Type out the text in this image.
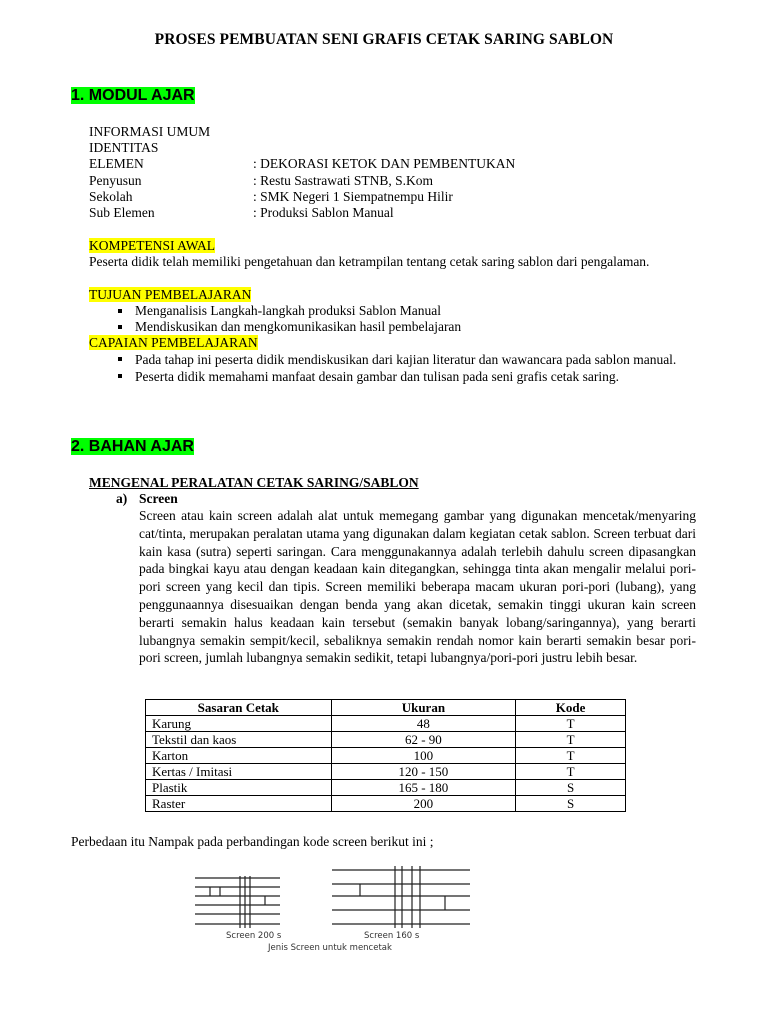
PROSES PEMBUATAN SENI GRAFIS CETAK SARING SABLON
1. MODUL AJAR
INFORMASI UMUM
IDENTITAS
ELEMEN	: DEKORASI KETOK DAN PEMBENTUKAN
Penyusun	: Restu Sastrawati STNB, S.Kom
Sekolah	: SMK Negeri 1 Siempatnempu Hilir
Sub Elemen	: Produksi Sablon Manual
KOMPETENSI AWAL
Peserta didik telah memiliki pengetahuan dan ketrampilan tentang cetak saring sablon dari pengalaman.
TUJUAN PEMBELAJARAN
Menganalisis Langkah-langkah produksi Sablon Manual
Mendiskusikan dan mengkomunikasikan hasil pembelajaran
CAPAIAN PEMBELAJARAN
Pada tahap ini peserta didik mendiskusikan dari kajian literatur dan wawancara pada sablon manual.
Peserta didik memahami manfaat desain gambar dan tulisan pada seni grafis cetak saring.
2. BAHAN AJAR
MENGENAL PERALATAN CETAK SARING/SABLON
a) Screen
Screen atau kain screen adalah alat untuk memegang gambar yang digunakan mencetak/menyaring cat/tinta, merupakan peralatan utama yang digunakan dalam kegiatan cetak sablon. Screen terbuat dari kain kasa (sutra) seperti saringan. Cara menggunakannya adalah terlebih dahulu screen dipasangkan pada bingkai kayu atau dengan keadaan kain ditegangkan, sehingga tinta akan mengalir melalui pori-pori screen yang kecil dan tipis. Screen memiliki beberapa macam ukuran pori-pori (lubang), yang penggunaannya disesuaikan dengan benda yang akan dicetak, semakin tinggi ukuran kain screen berarti semakin halus keadaan kain tersebut (semakin banyak lobang/saringannya), yang berarti lubangnya semakin sempit/kecil, sebaliknya semakin rendah nomor kain berarti semakin besar pori-pori screen, jumlah lubangnya semakin sedikit, tetapi lubangnya/pori-pori justru lebih besar.
Sasaran Cetak	Ukuran	Kode
Karung	48	T
Tekstil dan kaos	62 - 90	T
Karton	100	T
Kertas / Imitasi	120 - 150	T
Plastik	165 - 180	S
Raster	200	S
Perbedaan itu Nampak pada perbandingan kode screen berikut ini ;
Screen 200 s	Screen 160 s
Jenis Screen untuk mencetak
